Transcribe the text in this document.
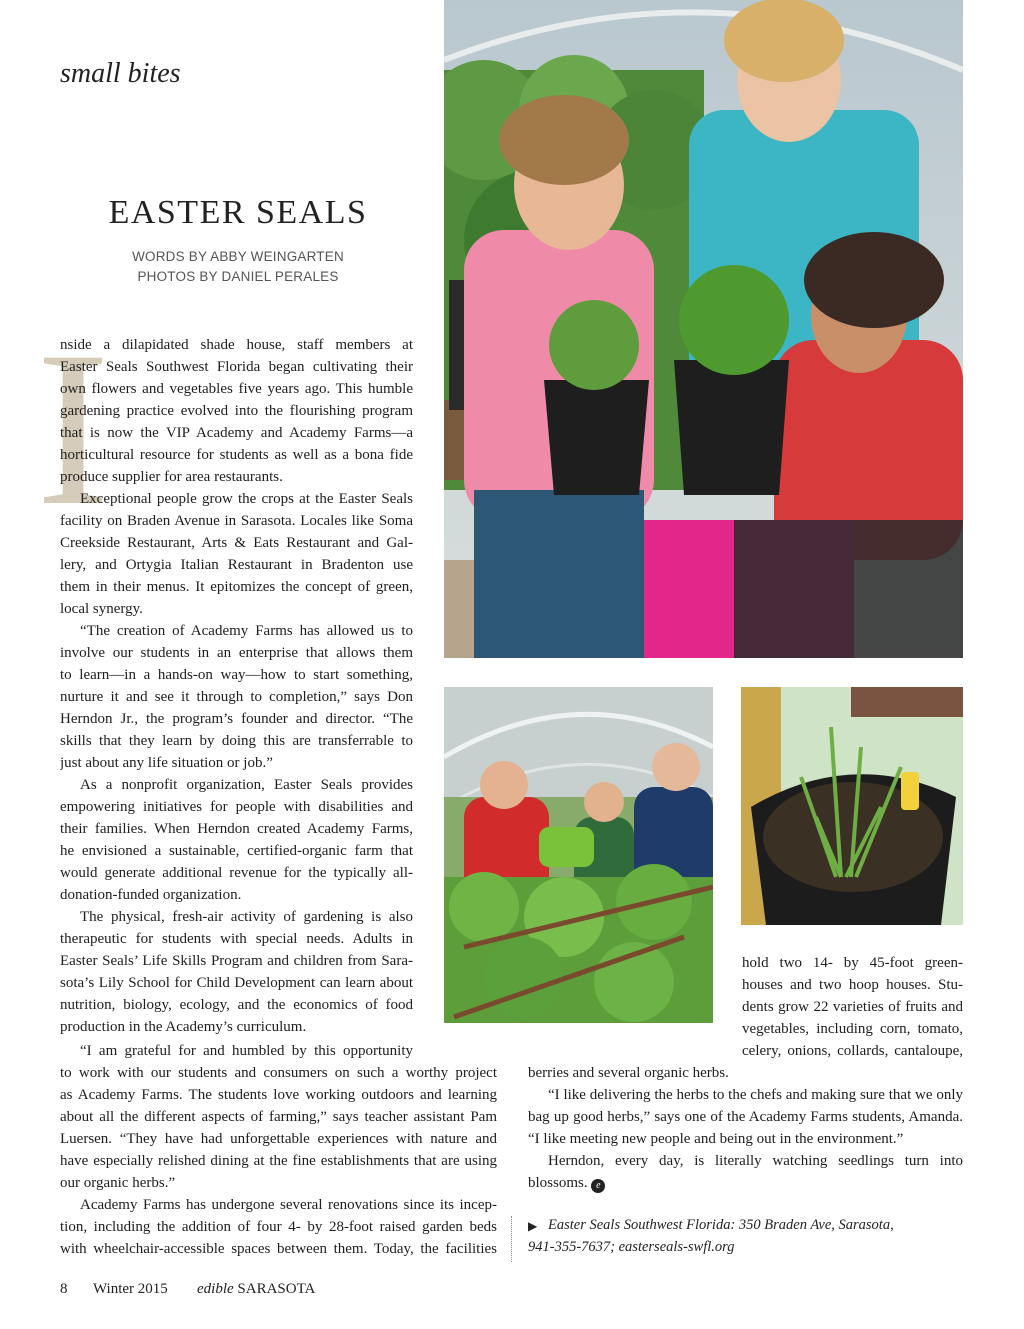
small bites
EASTER SEALS
WORDS BY ABBY WEINGARTEN
PHOTOS BY DANIEL PERALES
I
nside a dilapidated shade house, staff members at
Easter Seals Southwest Florida began cultivating their
own flowers and vegetables five years ago. This humble
gardening practice evolved into the flourishing program
that is now the VIP Academy and Academy Farms—a
horticultural resource for students as well as a bona fide
produce supplier for area restaurants.
Exceptional people grow the crops at the Easter Seals
facility on Braden Avenue in Sarasota. Locales like Soma
Creekside Restaurant, Arts & Eats Restaurant and Gal-
lery, and Ortygia Italian Restaurant in Bradenton use
them in their menus. It epitomizes the concept of green,
local synergy.
“The creation of Academy Farms has allowed us to
involve our students in an enterprise that allows them
to learn—in a hands-on way—how to start something,
nurture it and see it through to completion,” says Don
Herndon Jr., the program’s founder and director. “The
skills that they learn by doing this are transferrable to
just about any life situation or job.”
As a nonprofit organization, Easter Seals provides
empowering initiatives for people with disabilities and
their families. When Herndon created Academy Farms,
he envisioned a sustainable, certified-organic farm that
would generate additional revenue for the typically all-
donation-funded organization.
The physical, fresh-air activity of gardening is also
therapeutic for students with special needs. Adults in
Easter Seals’ Life Skills Program and children from Sara-
sota’s Lily School for Child Development can learn about
nutrition, biology, ecology, and the economics of food
production in the Academy’s curriculum.
“I am grateful for and humbled by this opportunity
to work with our students and consumers on such a worthy project
as Academy Farms. The students love working outdoors and learning
about all the different aspects of farming,” says teacher assistant Pam
Luersen. “They have had unforgettable experiences with nature and
have especially relished dining at the fine establishments that are using
our organic herbs.”
Academy Farms has undergone several renovations since its incep-
tion, including the addition of four 4- by 28-foot raised garden beds
with wheelchair-accessible spaces between them. Today, the facilities
hold two 14- by 45-foot green-
houses and two hoop houses. Stu-
dents grow 22 varieties of fruits and
vegetables, including corn, tomato,
celery, onions, collards, cantaloupe,
berries and several organic herbs.
“I like delivering the herbs to the chefs and making sure that we only
bag up good herbs,” says one of the Academy Farms students, Amanda.
“I like meeting new people and being out in the environment.”
Herndon, every day, is literally watching seedlings turn into
blossoms. e
▶ Easter Seals Southwest Florida: 350 Braden Ave, Sarasota,
941-355-7637; easterseals-swfl.org
8 Winter 2015 edible SARASOTA
